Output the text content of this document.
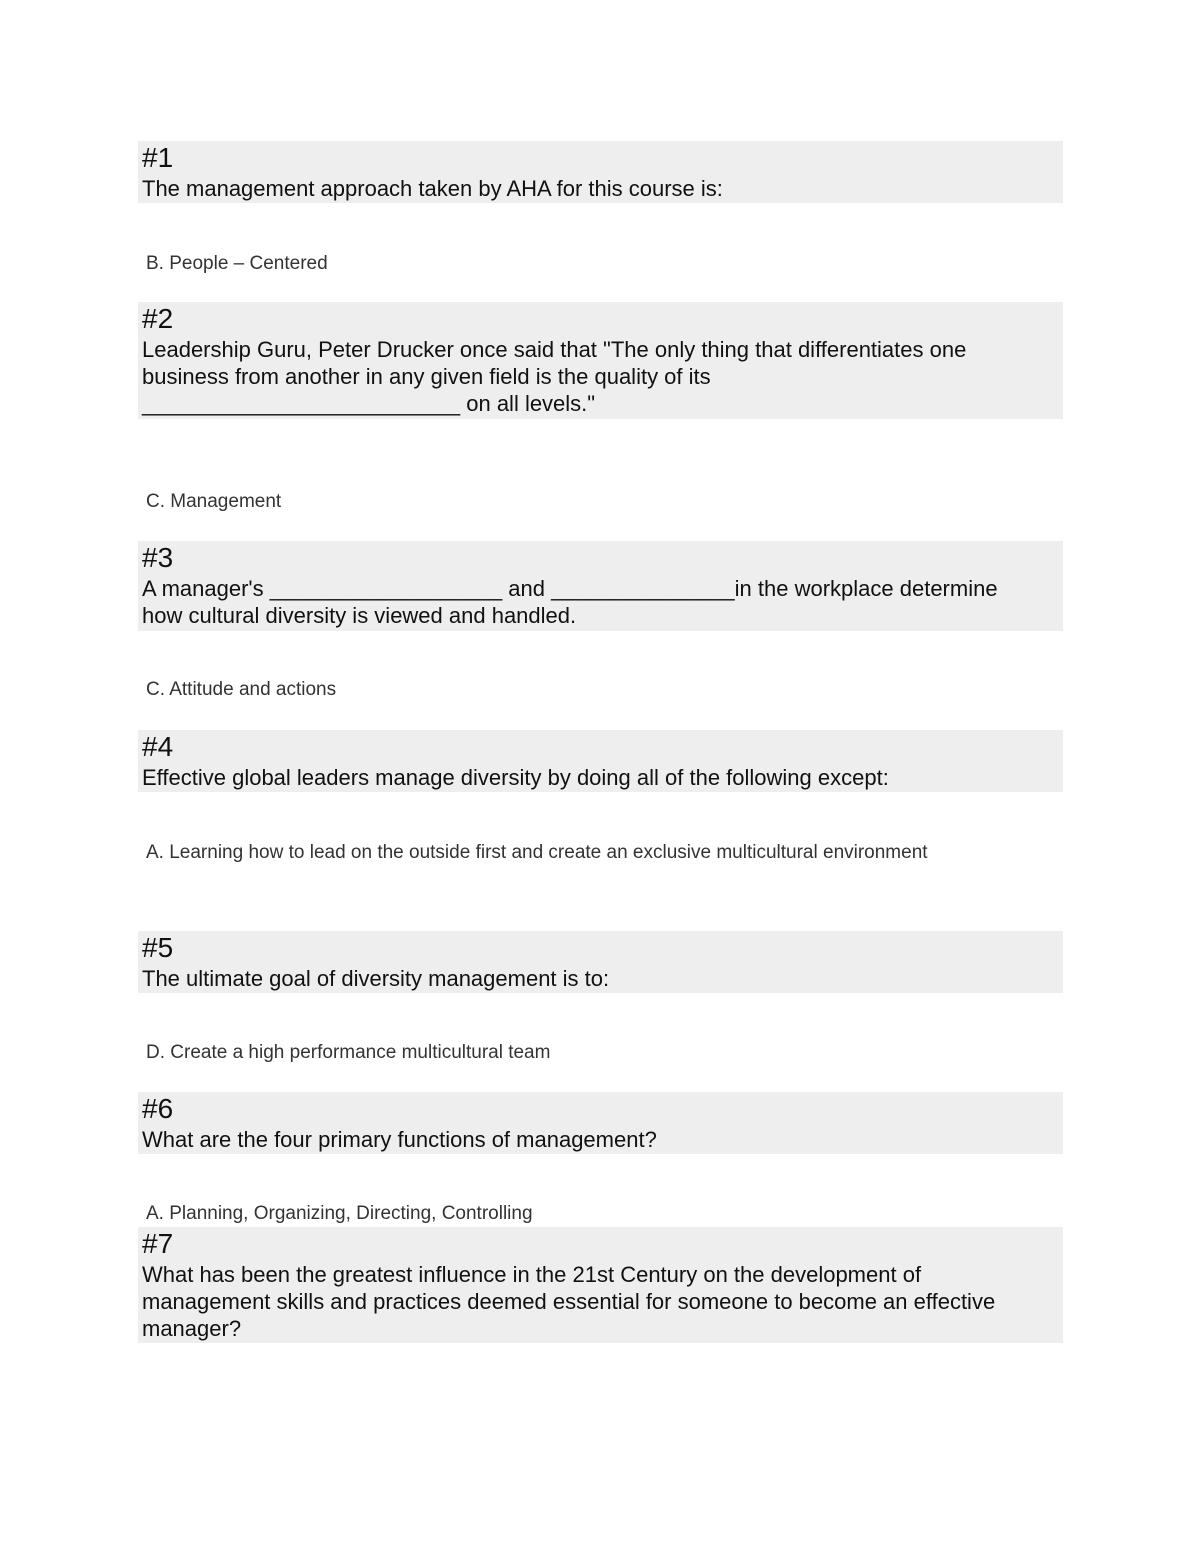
#1
The management approach taken by AHA for this course is:
B. People – Centered
#2
Leadership Guru, Peter Drucker once said that "The only thing that differentiates one
business from another in any given field is the quality of its
__________________________ on all levels."
C. Management
#3
A manager's ___________________ and _______________in the workplace determine
how cultural diversity is viewed and handled.
C. Attitude and actions
#4
Effective global leaders manage diversity by doing all of the following except:
A. Learning how to lead on the outside first and create an exclusive multicultural environment
#5
The ultimate goal of diversity management is to:
D. Create a high performance multicultural team
#6
What are the four primary functions of management?
A. Planning, Organizing, Directing, Controlling
#7
What has been the greatest influence in the 21st Century on the development of
management skills and practices deemed essential for someone to become an effective
manager?
